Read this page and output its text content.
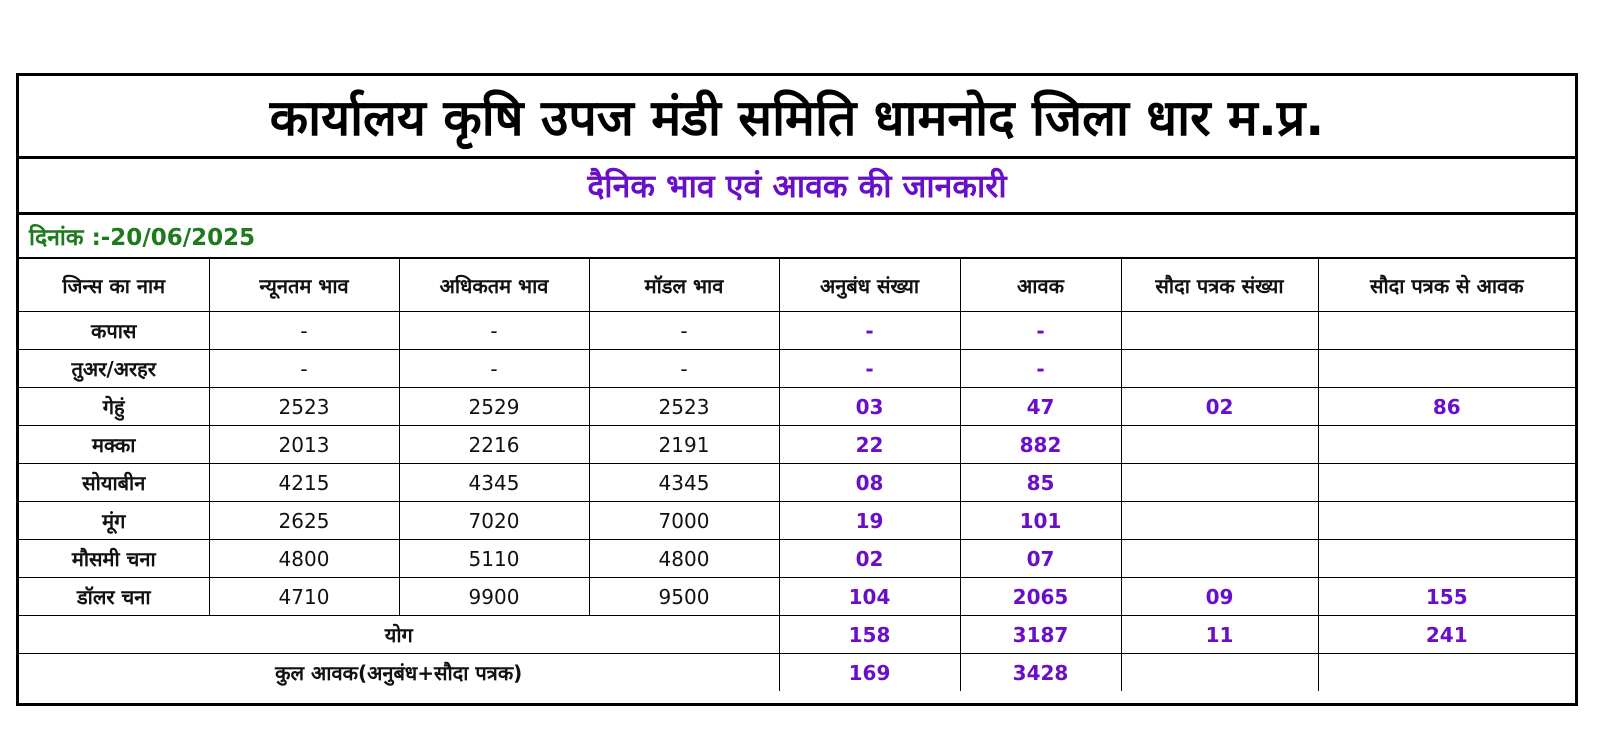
कार्यालय कृषि उपज मंडी समिति धामनोद जिला धार म.प्र.
दैनिक भाव एवं आवक की जानकारी
दिनांक :-20/06/2025
जिन्स का नाम	न्यूनतम भाव	अधिकतम भाव	मॉडल भाव	अनुबंध संख्या	आवक	सौदा पत्रक संख्या	सौदा पत्रक से आवक
कपास	-	-	-	-	-		
तुअर/अरहर	-	-	-	-	-		
गेहुं	2523	2529	2523	03	47	02	86
मक्का	2013	2216	2191	22	882		
सोयाबीन	4215	4345	4345	08	85		
मूंग	2625	7020	7000	19	101		
मौसमी चना	4800	5110	4800	02	07		
डॉलर चना	4710	9900	9500	104	2065	09	155
योग				158	3187	11	241
कुल आवक(अनुबंध+सौदा पत्रक)				169	3428		
